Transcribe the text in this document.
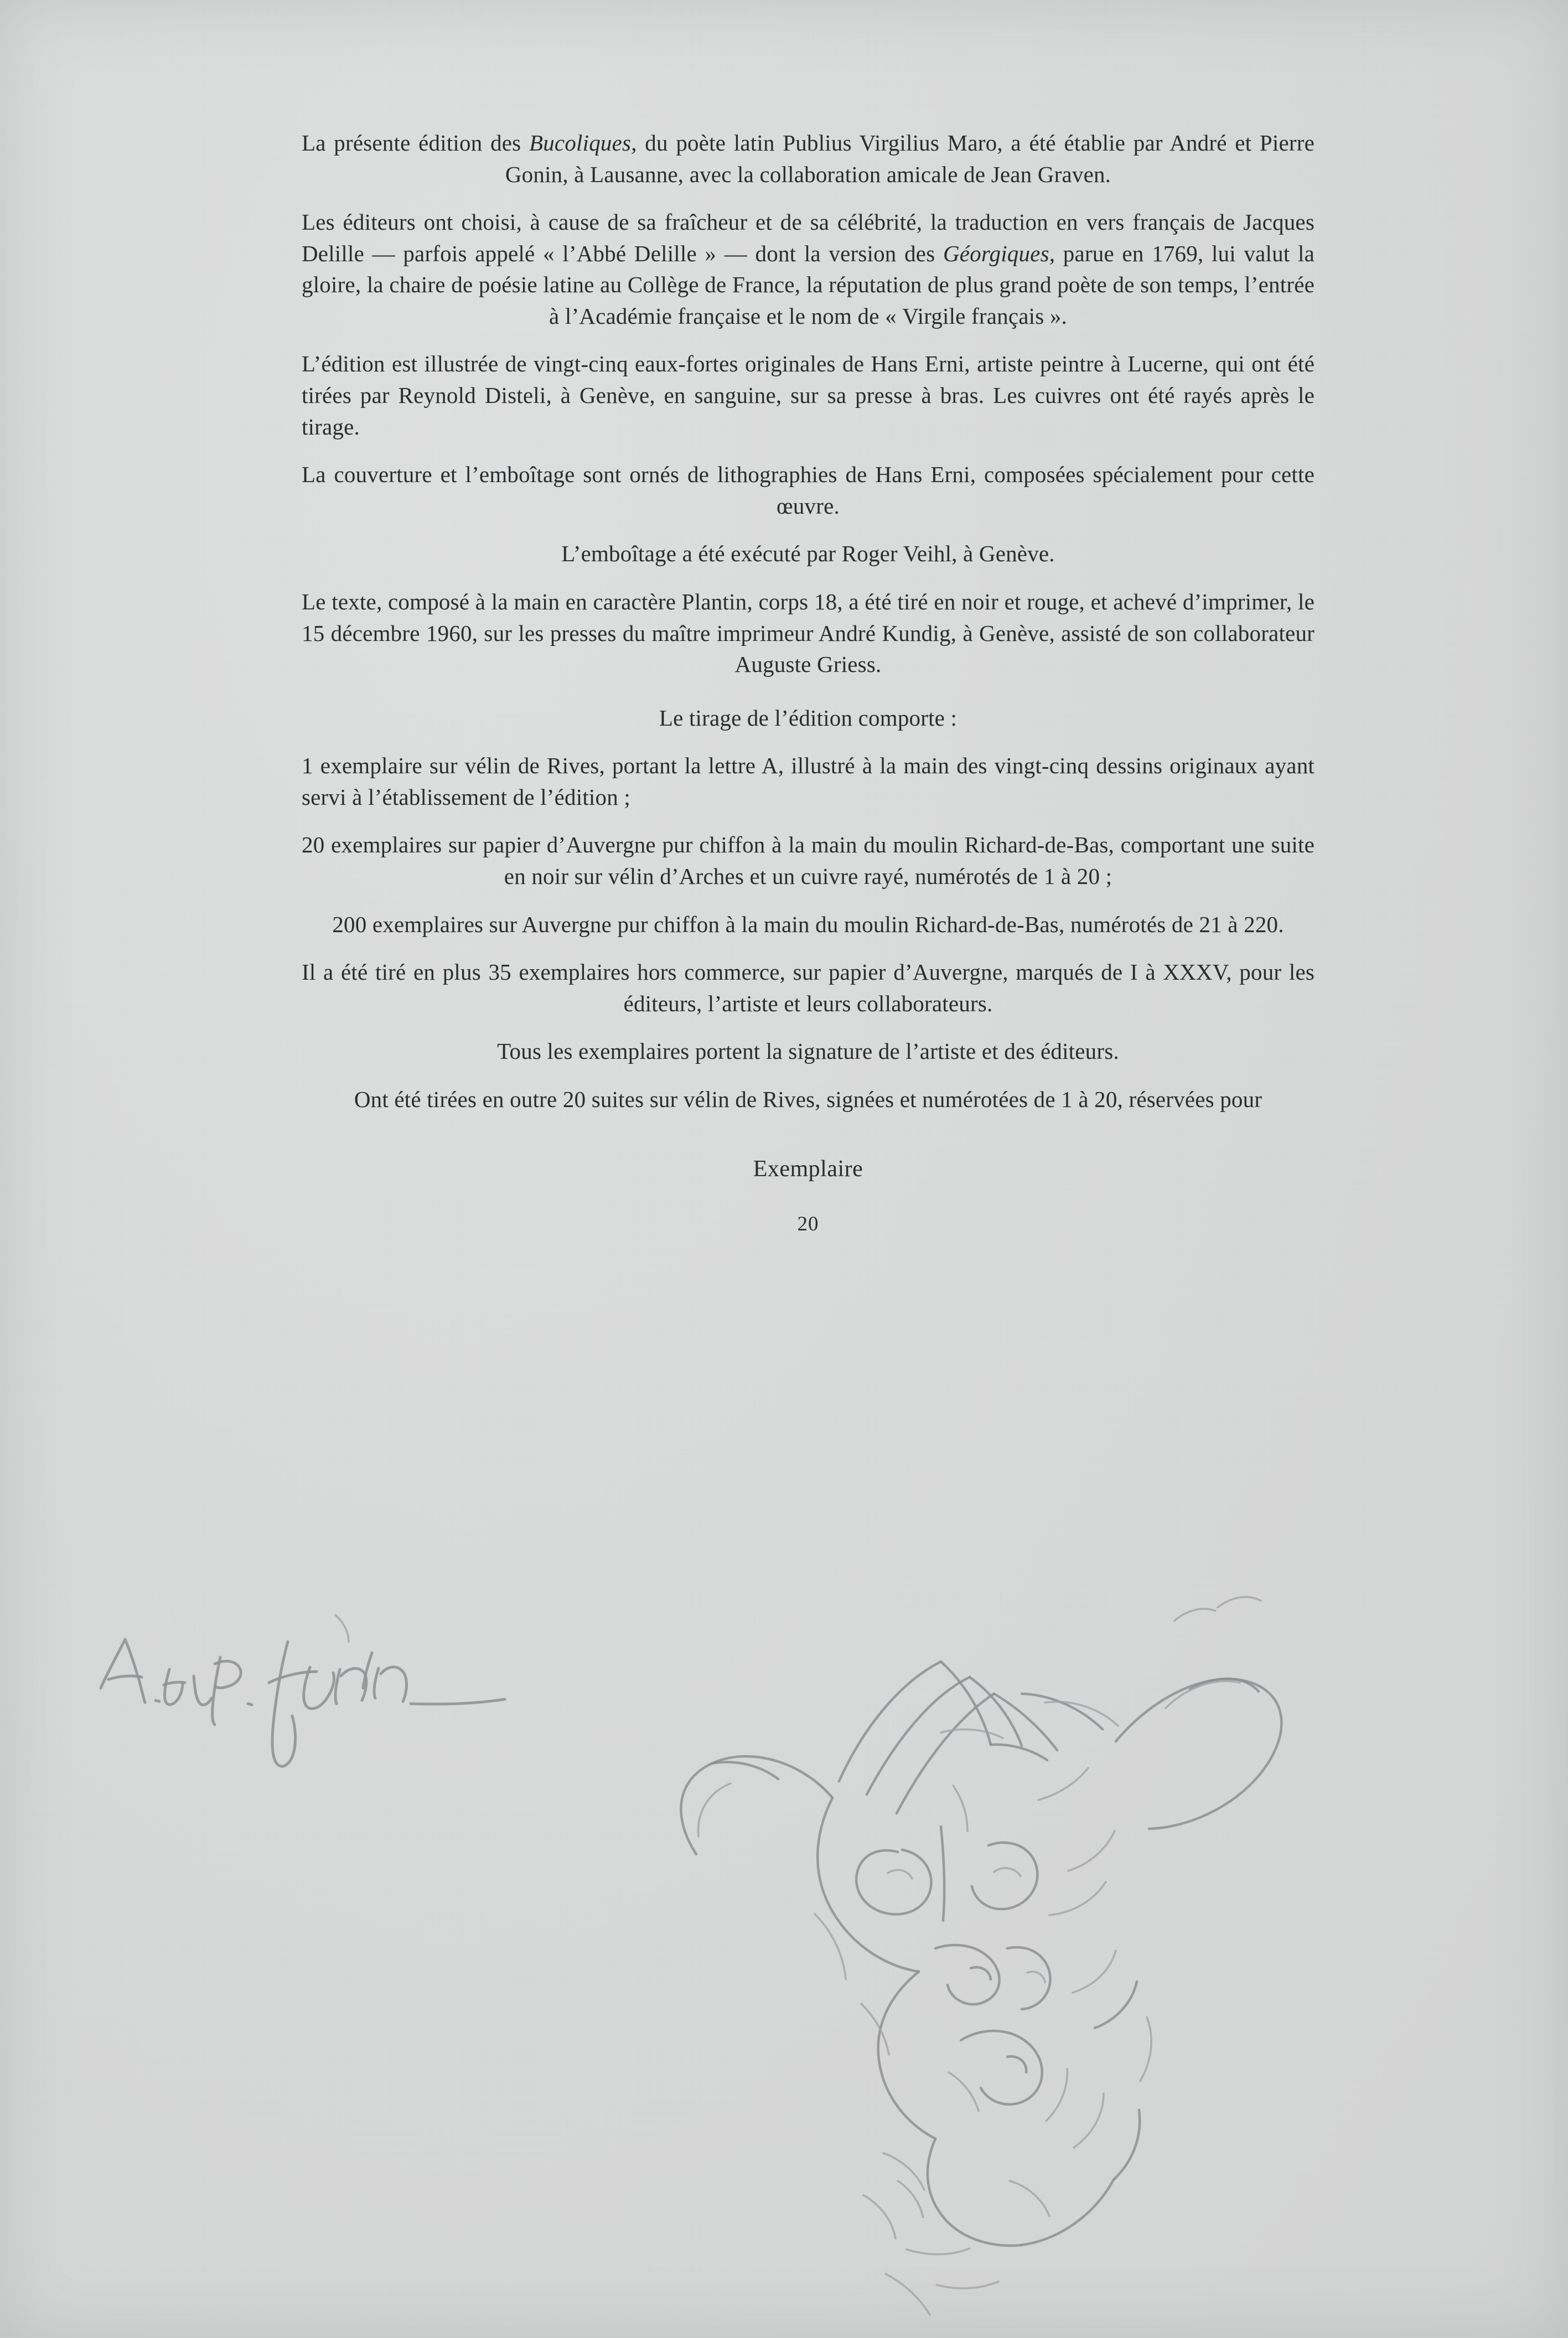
La présente édition des Bucoliques, du poète latin Publius Virgilius Maro, a été établie par André et Pierre Gonin, à Lausanne, avec la collaboration amicale de Jean Graven.

Les éditeurs ont choisi, à cause de sa fraîcheur et de sa célébrité, la traduction en vers français de Jacques Delille — parfois appelé « l’Abbé Delille » — dont la version des Géorgiques, parue en 1769, lui valut la gloire, la chaire de poésie latine au Collège de France, la réputation de plus grand poète de son temps, l’entrée à l’Académie française et le nom de « Virgile français ».

L’édition est illustrée de vingt-cinq eaux-fortes originales de Hans Erni, artiste peintre à Lucerne, qui ont été tirées par Reynold Disteli, à Genève, en sanguine, sur sa presse à bras. Les cuivres ont été rayés après le tirage.

La couverture et l’emboîtage sont ornés de lithographies de Hans Erni, composées spécialement pour cette œuvre.

L’emboîtage a été exécuté par Roger Veihl, à Genève.

Le texte, composé à la main en caractère Plantin, corps 18, a été tiré en noir et rouge, et achevé d’imprimer, le 15 décembre 1960, sur les presses du maître imprimeur André Kundig, à Genève, assisté de son collaborateur Auguste Griess.

Le tirage de l’édition comporte :

1 exemplaire sur vélin de Rives, portant la lettre A, illustré à la main des vingt-cinq dessins originaux ayant servi à l’établissement de l’édition ;

20 exemplaires sur papier d’Auvergne pur chiffon à la main du moulin Richard-de-Bas, comportant une suite en noir sur vélin d’Arches et un cuivre rayé, numérotés de 1 à 20 ;

200 exemplaires sur Auvergne pur chiffon à la main du moulin Richard-de-Bas, numérotés de 21 à 220.

Il a été tiré en plus 35 exemplaires hors commerce, sur papier d’Auvergne, marqués de I à XXXV, pour les éditeurs, l’artiste et leurs collaborateurs.

Tous les exemplaires portent la signature de l’artiste et des éditeurs.

Ont été tirées en outre 20 suites sur vélin de Rives, signées et numérotées de 1 à 20, réservées pour

Exemplaire
20
